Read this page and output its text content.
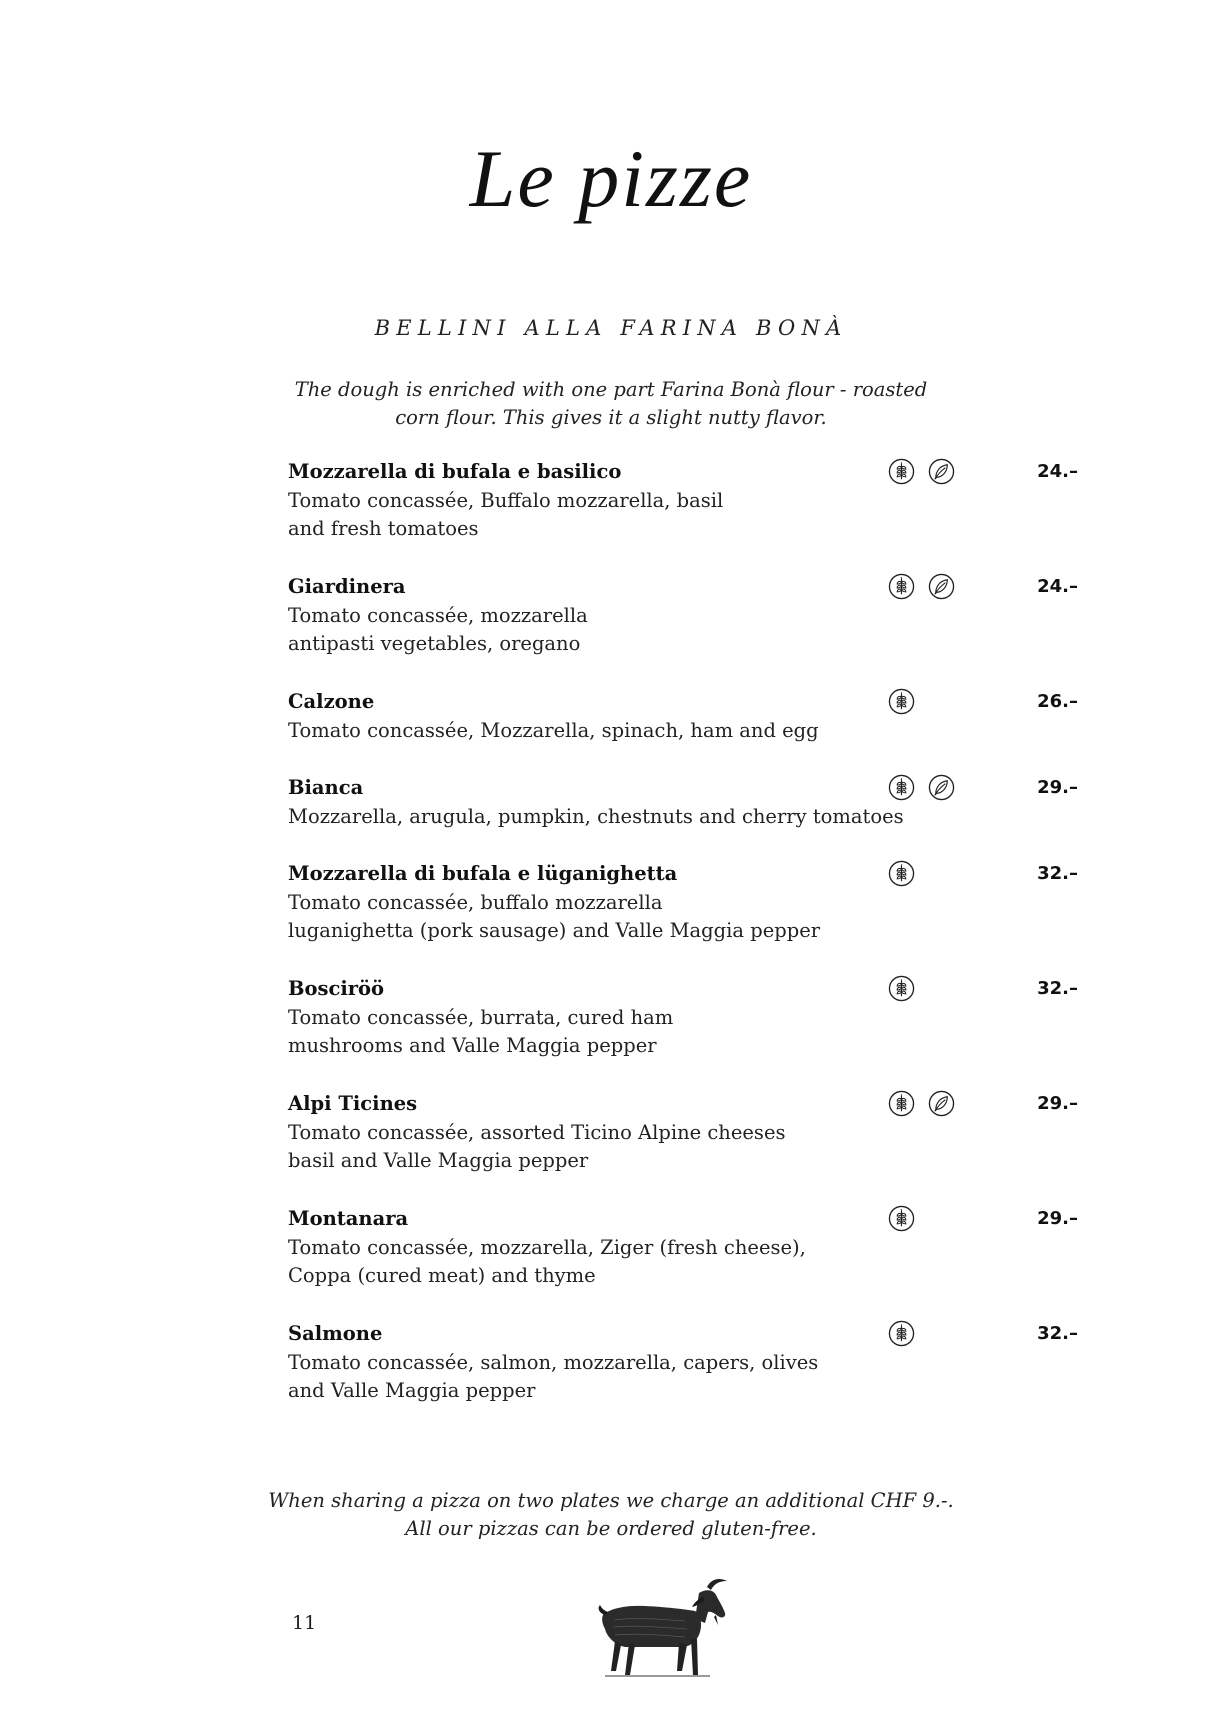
Le pizze
BELLINI ALLA FARINA BONÀ
The dough is enriched with one part Farina Bonà flour - roasted corn flour. This gives it a slight nutty flavor.
Mozzarella di bufala e basilico
Tomato concassée, Buffalo mozzarella, basil
and fresh tomatoes
24.–
Giardinera
Tomato concassée, mozzarella
antipasti vegetables, oregano
24.–
Calzone
Tomato concassée, Mozzarella, spinach, ham and egg
26.–
Bianca
Mozzarella, arugula, pumpkin, chestnuts and cherry tomatoes
29.–
Mozzarella di bufala e lüganighetta
Tomato concassée, buffalo mozzarella
luganighetta (pork sausage) and Valle Maggia pepper
32.–
Bosciröö
Tomato concassée, burrata, cured ham
mushrooms and Valle Maggia pepper
32.–
Alpi Ticines
Tomato concassée, assorted Ticino Alpine cheeses
basil and Valle Maggia pepper
29.–
Montanara
Tomato concassée, mozzarella, Ziger (fresh cheese),
Coppa (cured meat) and thyme
29.–
Salmone
Tomato concassée, salmon, mozzarella, capers, olives
and Valle Maggia pepper
32.–
When sharing a pizza on two plates we charge an additional CHF 9.-.
All our pizzas can be ordered gluten-free.
11
